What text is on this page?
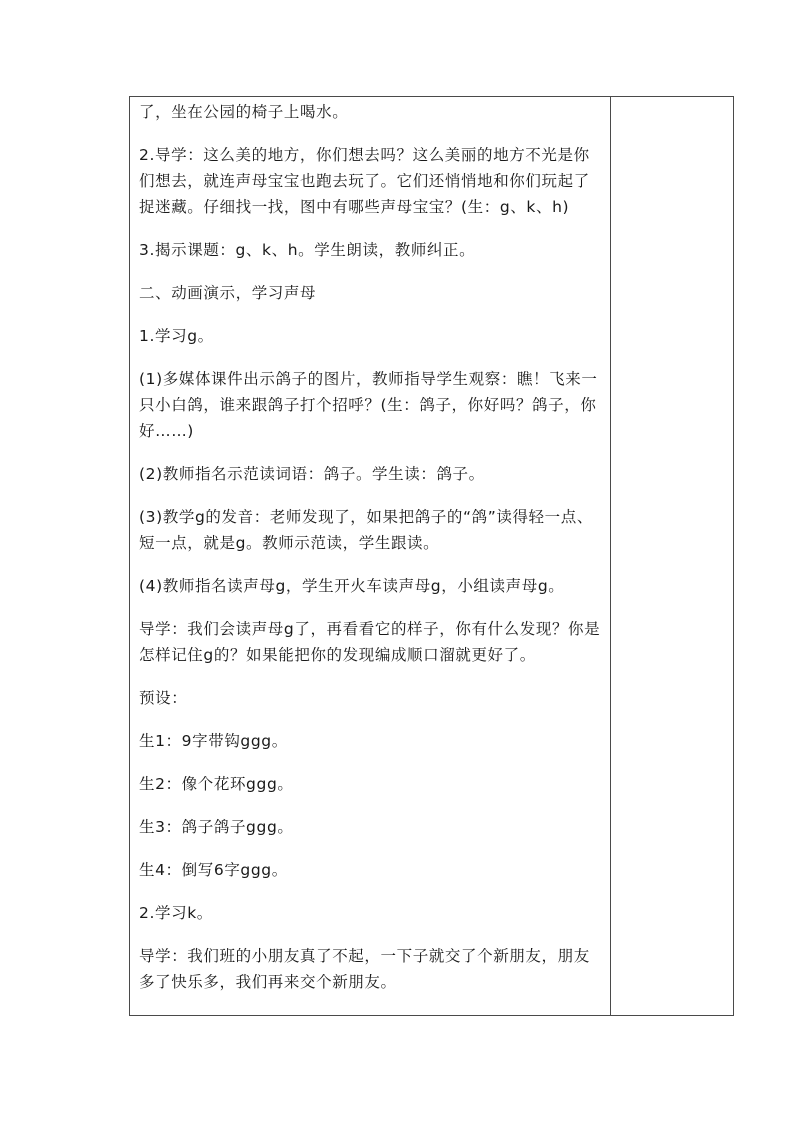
了，坐在公园的椅子上喝水。

2.导学：这么美的地方，你们想去吗？这么美丽的地方不光是你们想去，就连声母宝宝也跑去玩了。它们还悄悄地和你们玩起了捉迷藏。仔细找一找，图中有哪些声母宝宝？(生：g、k、h)

3.揭示课题：g、k、h。学生朗读，教师纠正。

二、动画演示，学习声母

1.学习g。

(1)多媒体课件出示鸽子的图片，教师指导学生观察：瞧！飞来一只小白鸽，谁来跟鸽子打个招呼？(生：鸽子，你好吗？鸽子，你好……)

(2)教师指名示范读词语：鸽子。学生读：鸽子。

(3)教学g的发音：老师发现了，如果把鸽子的“鸽”读得轻一点、短一点，就是g。教师示范读，学生跟读。

(4)教师指名读声母g，学生开火车读声母g，小组读声母g。

导学：我们会读声母g了，再看看它的样子，你有什么发现？你是怎样记住g的？如果能把你的发现编成顺口溜就更好了。

预设：

生1：9字带钩ggg。

生2：像个花环ggg。

生3：鸽子鸽子ggg。

生4：倒写6字ggg。

2.学习k。

导学：我们班的小朋友真了不起，一下子就交了个新朋友，朋友多了快乐多，我们再来交个新朋友。
